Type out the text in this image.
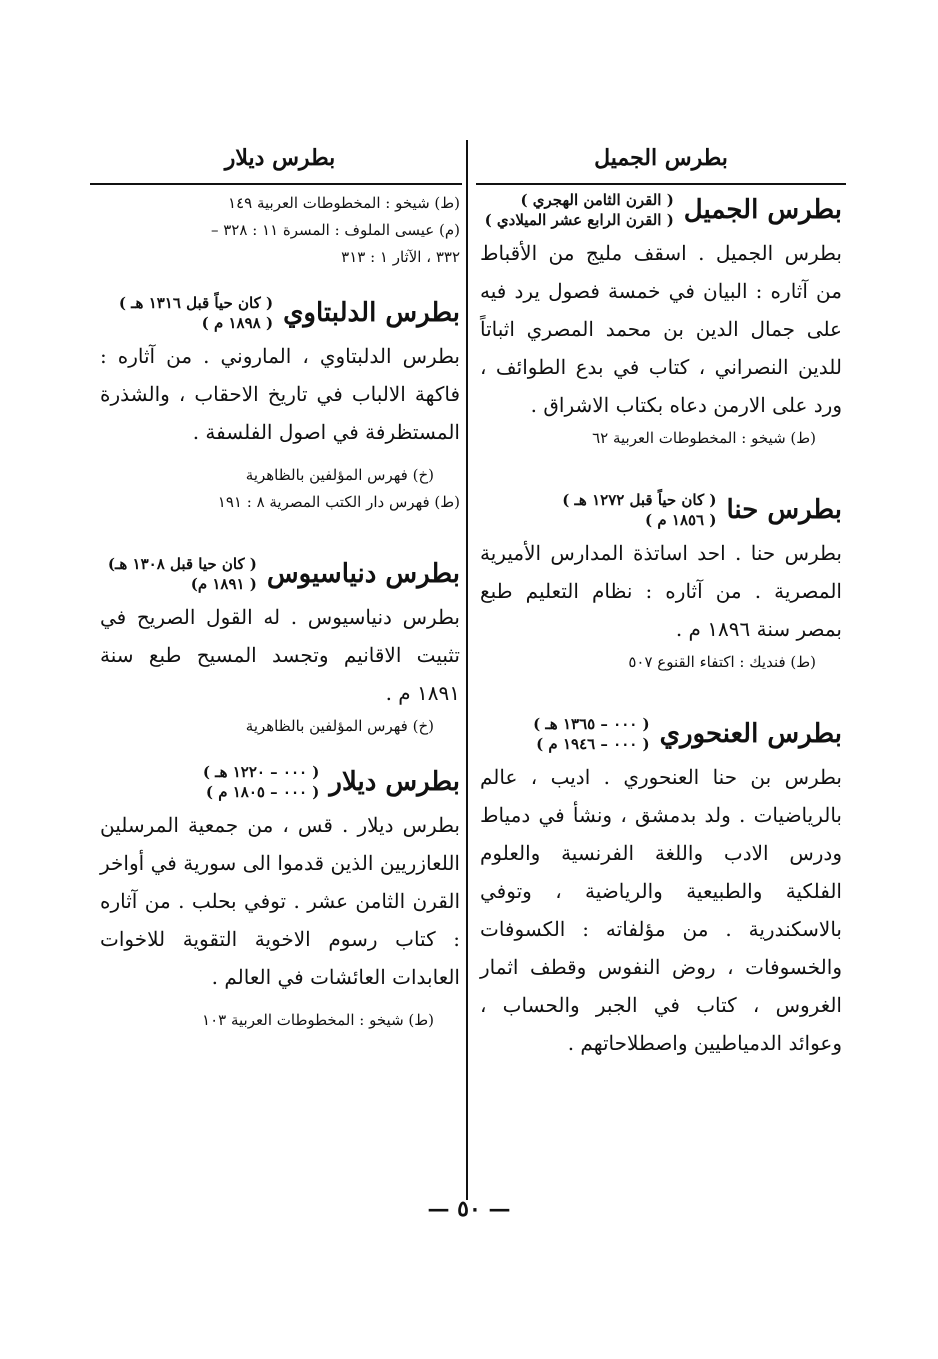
بطرس الجميل
بطرس الجميل
( القرن الثامن الهجري )
( القرن الرابع عشر الميلادي )

بطرس الجميل . اسقف مليج من الأقباط من آثاره : البيان في خمسة فصول يرد فيه على جمال الدين بن محمد المصري اثباتاً للدين النصراني ، كتاب في بدع الطوائف ، ورد على الارمن دعاه بكتاب الاشراق .

(ط) شيخو : المخطوطات العربية ٦٢
بطرس حنا
( كان حياً قبل ١٢٧٢ هـ )
( ١٨٥٦ م )

بطرس حنا . احد اساتذة المدارس الأميرية المصرية . من آثاره : نظام التعليم طبع بمصر سنة ١٨٩٦ م .

(ط) فنديك : اكتفاء القنوع ٥٠٧
بطرس العنحوري
( ٠٠٠ – ١٣٦٥ هـ )
( ٠٠٠ – ١٩٤٦ م )

بطرس بن حنا العنحوري . اديب ، عالم بالرياضيات . ولد بدمشق ، ونشأ في دمياط ودرس الادب واللغة الفرنسية والعلوم الفلكية والطبيعية والرياضية ، وتوفي بالاسكندرية . من مؤلفاته : الكسوفات والخسوفات ، روض النفوس وقطف اثمار الغروس ، كتاب في الجبر والحساب ، وعوائد الدمياطيين واصطلاحاتهم .

بطرس ديلار
(ط) شيخو : المخطوطات العربية ١٤٩
(م) عيسى الملوف : المسرة ١١ : ٣٢٨ –
٣٣٢ ، الآثار ١ : ٣١٣
بطرس الدلبتاوي
( كان حياً قبل ١٣١٦ هـ )
( ١٨٩٨ م )

بطرس الدلبتاوي ، الماروني . من آثاره : فاكهة الالباب في تاريخ الاحقاب ، والشذرة المستظرفة في اصول الفلسفة .

(خ) فهرس المؤلفين بالظاهرية
(ط) فهرس دار الكتب المصرية ٨ : ١٩١
بطرس دنياسيوس
( كان حيا قبل ١٣٠٨ هـ)
( ١٨٩١ م)

بطرس دنياسيوس . له القول الصريح في تثبيت الاقانيم وتجسد المسيح طبع سنة ١٨٩١ م .

(خ) فهرس المؤلفين بالظاهرية
بطرس ديلار
( ٠٠٠ – ١٢٢٠ هـ )
( ٠٠٠ – ١٨٠٥ م )

بطرس ديلار . قس ، من جمعية المرسلين اللعازريين الذين قدموا الى سورية في أواخر القرن الثامن عشر . توفي بحلب . من آثاره : كتاب رسوم الاخوية التقوية للاخوات العابدات العائشات في العالم .

(ط) شيخو : المخطوطات العربية ١٠٣
— ٥٠ —
